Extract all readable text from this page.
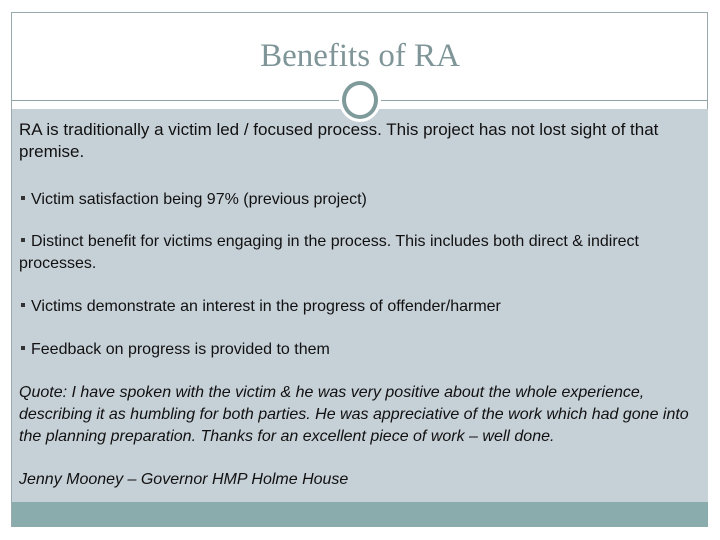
Benefits of RA
RA is traditionally a victim led / focused process. This project has not lost sight of that premise.
Victim satisfaction being 97% (previous project)
Distinct benefit for victims engaging in the process. This includes both direct & indirect processes.
Victims demonstrate an interest in the progress of offender/harmer
Feedback on progress is provided to them
Quote: I have spoken with the victim & he was very positive about the whole experience, describing it as humbling for both parties. He was appreciative of the work which had gone into the planning preparation. Thanks for an excellent piece of work – well done.
Jenny Mooney – Governor HMP Holme House
